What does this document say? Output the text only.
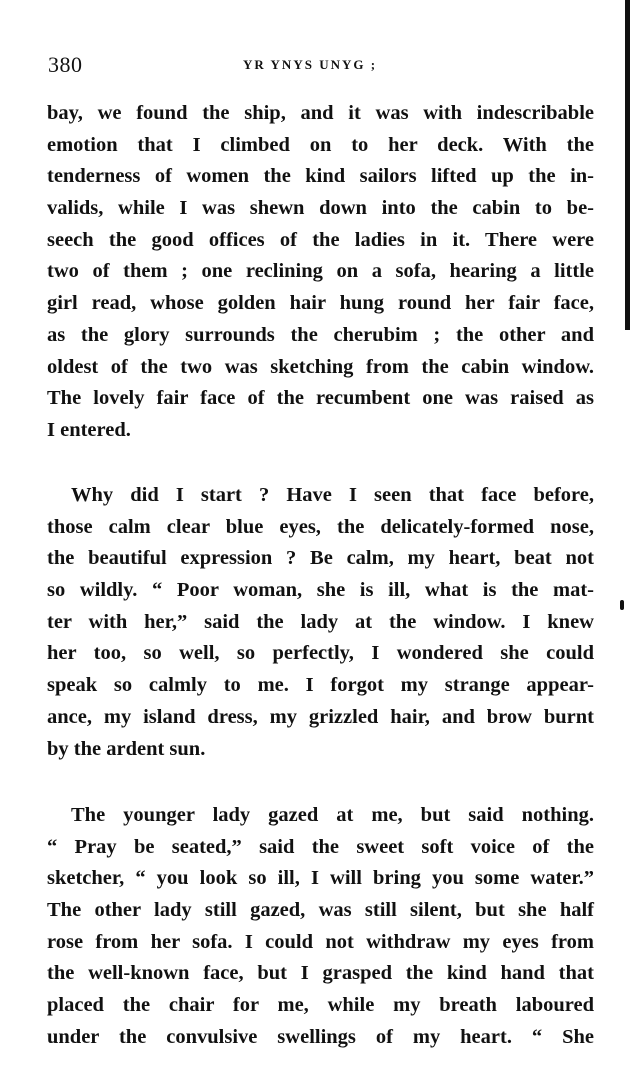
380	YR YNYS UNYG ;
bay, we found the ship, and it was with indescribable
emotion that I climbed on to her deck. With the
tenderness of women the kind sailors lifted up the in-
valids, while I was shewn down into the cabin to be-
seech the good offices of the ladies in it. There were
two of them ; one reclining on a sofa, hearing a little
girl read, whose golden hair hung round her fair face,
as the glory surrounds the cherubim ; the other and
oldest of the two was sketching from the cabin window.
The lovely fair face of the recumbent one was raised as
I entered.
Why did I start ? Have I seen that face before,
those calm clear blue eyes, the delicately-formed nose,
the beautiful expression ? Be calm, my heart, beat not
so wildly. “ Poor woman, she is ill, what is the mat-
ter with her,” said the lady at the window. I knew
her too, so well, so perfectly, I wondered she could
speak so calmly to me. I forgot my strange appear-
ance, my island dress, my grizzled hair, and brow burnt
by the ardent sun.
The younger lady gazed at me, but said nothing.
“ Pray be seated,” said the sweet soft voice of the
sketcher, “ you look so ill, I will bring you some water.”
The other lady still gazed, was still silent, but she half
rose from her sofa. I could not withdraw my eyes from
the well-known face, but I grasped the kind hand that
placed the chair for me, while my breath laboured
under the convulsive swellings of my heart. “ She
